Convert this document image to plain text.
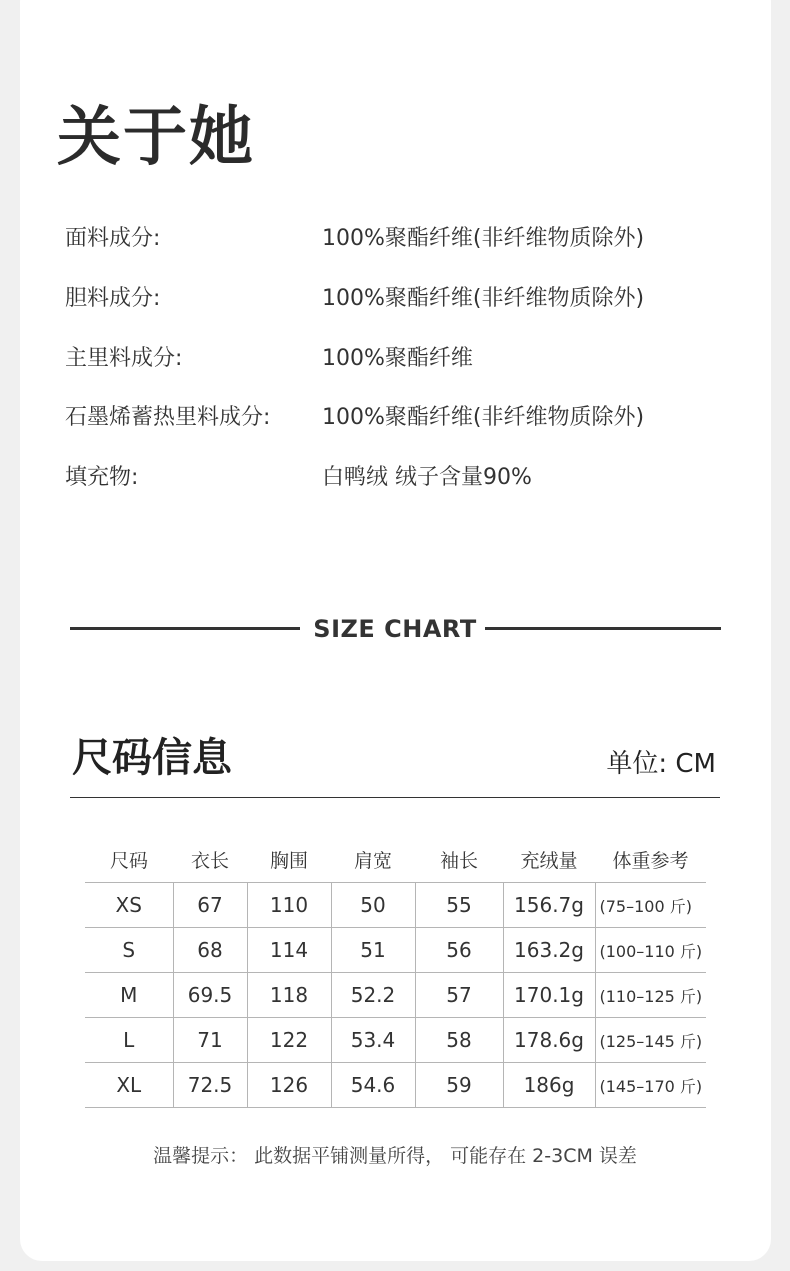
关于她
面料成分:	100%聚酯纤维(非纤维物质除外)
胆料成分:	100%聚酯纤维(非纤维物质除外)
主里料成分:	100%聚酯纤维
石墨烯蓄热里料成分: 100%聚酯纤维(非纤维物质除外)
填充物:	白鸭绒 绒子含量90%
SIZE CHART
尺码信息	单位: CM
尺码	衣长	胸围	肩宽	袖长	充绒量	体重参考
XS	67	110	50	55	156.7g	(75–100 斤)
S	68	114	51	56	163.2g	(100–110 斤)
M	69.5	118	52.2	57	170.1g	(110–125 斤)
L	71	122	53.4	58	178.6g	(125–145 斤)
XL	72.5	126	54.6	59	186g	(145–170 斤)
温馨提示： 此数据平铺测量所得， 可能存在 2-3CM 误差
